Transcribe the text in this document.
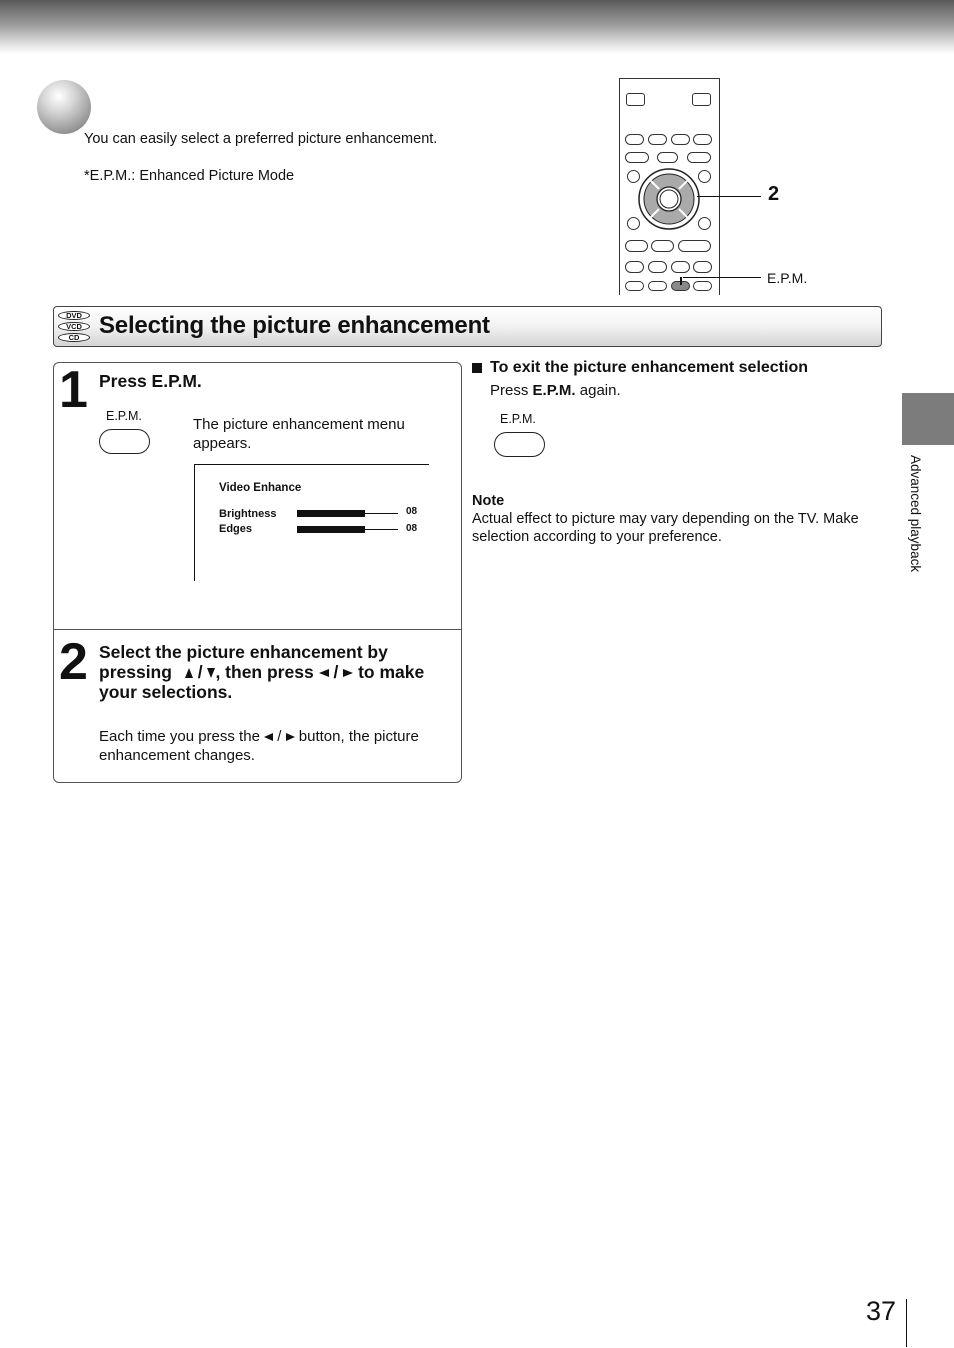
You can easily select a preferred picture enhancement.
*E.P.M.: Enhanced Picture Mode
2
E.P.M.
DVD
VCD
CD Selecting the picture enhancement
1 Press E.P.M.
E.P.M.	The picture enhancement menu appears.
Video Enhance
Brightness	08
Edges	08
2 Select the picture enhancement by pressing / , then press / to make your selections.
Each time you press the / button, the picture enhancement changes.
To exit the picture enhancement selection
Press E.P.M. again.
E.P.M.
Note
Actual effect to picture may vary depending on the TV. Make selection according to your preference.	Advanced playback
37
